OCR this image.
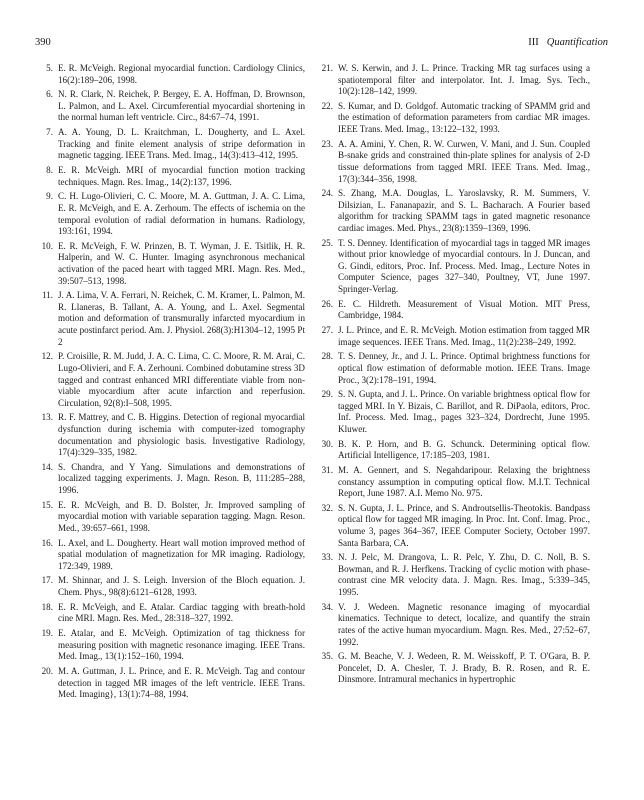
390	III Quantification
5. E. R. McVeigh. Regional myocardial function. Cardiology Clinics, 16(2):189–206, 1998.
6. N. R. Clark, N. Reichek, P. Bergey, E. A. Hoffman, D. Brownson, L. Palmon, and L. Axel. Circumferential myocardial shortening in the normal human left ventricle. Circ., 84:67–74, 1991.
7. A. A. Young, D. L. Kraitchman, L. Dougherty, and L. Axel. Tracking and finite element analysis of stripe deformation in magnetic tagging. IEEE Trans. Med. Imag., 14(3):413–412, 1995.
8. E. R. McVeigh. MRI of myocardial function motion tracking techniques. Magn. Res. Imag., 14(2):137, 1996.
9. C. H. Lugo-Olivieri, C. C. Moore, M. A. Guttman, J. A. C. Lima, E. R. McVeigh, and E. A. Zerhoum. The effects of ischemia on the temporal evolution of radial deformation in humans. Radiology, 193:161, 1994.
10. E. R. McVeigh, F. W. Prinzen, B. T. Wyman, J. E. Tsitlik, H. R. Halperin, and W. C. Hunter. Imaging asynchronous mechanical activation of the paced heart with tagged MRI. Magn. Res. Med., 39:507–513, 1998.
11. J. A. Lima, V. A. Ferrari, N. Reichek, C. M. Kramer, L. Palmon, M. R. Llaneras, B. Tallant, A. A. Young, and L. Axel. Segmental motion and deformation of transmurally infarcted myocardium in acute postinfarct period. Am. J. Physiol. 268(3):H1304–12, 1995 Pt 2
12. P. Croisille, R. M. Judd, J. A. C. Lima, C. C. Moore, R. M. Arai, C. Lugo-Olivieri, and F. A. Zerhouni. Combined dobutamine stress 3D tagged and contrast enhanced MRI differentiate viable from non-viable myocardium after acute infarction and reperfusion. Circulation, 92(8):I–508, 1995.
13. R. F. Mattrey, and C. B. Higgins. Detection of regional myocardial dysfunction during ischemia with computer-ized tomography documentation and physiologic basis. Investigative Radiology, 17(4):329–335, 1982.
14. S. Chandra, and Y Yang. Simulations and demonstrations of localized tagging experiments. J. Magn. Reson. B, 111:285–288, 1996.
15. E. R. McVeigh, and B. D. Bolster, Jr. Improved sampling of myocardial motion with variable separation tagging. Magn. Reson. Med., 39:657–661, 1998.
16. L. Axel, and L. Dougherty. Heart wall motion improved method of spatial modulation of magnetization for MR imaging. Radiology, 172:349, 1989.
17. M. Shinnar, and J. S. Leigh. Inversion of the Bloch equation. J. Chem. Phys., 98(8):6121–6128, 1993.
18. E. R. McVeigh, and E. Atalar. Cardiac tagging with breath-hold cine MRI. Magn. Res. Med., 28:318–327, 1992.
19. E. Atalar, and E. McVeigh. Optimization of tag thickness for measuring position with magnetic resonance imaging. IEEE Trans. Med. Imag., 13(1):152–160, 1994.
20. M. A. Guttman, J. L. Prince, and E. R. McVeigh. Tag and contour detection in tagged MR images of the left ventricle. IEEE Trans. Med. Imaging}, 13(1):74–88, 1994.
21. W. S. Kerwin, and J. L. Prince. Tracking MR tag surfaces using a spatiotemporal filter and interpolator. Int. J. Imag. Sys. Tech., 10(2):128–142, 1999.
22. S. Kumar, and D. Goldgof. Automatic tracking of SPAMM grid and the estimation of deformation parameters from cardiac MR images. IEEE Trans. Med. Imag., 13:122–132, 1993.
23. A. A. Amini, Y. Chen, R. W. Curwen, V. Mani, and J. Sun. Coupled B-snake grids and constrained thin-plate splines for analysis of 2-D tissue deformations from tagged MRI. IEEE Trans. Med. Imag., 17(3):344–356, 1998.
24. S. Zhang, M.A. Douglas, L. Yaroslavsky, R. M. Summers, V. Dilsizian, L. Fananapazir, and S. L. Bacharach. A Fourier based algorithm for tracking SPAMM tags in gated magnetic resonance cardiac images. Med. Phys., 23(8):1359–1369, 1996.
25. T. S. Denney. Identification of myocardial tags in tagged MR images without prior knowledge of myocardial contours. In J. Duncan, and G. Gindi, editors, Proc. Inf. Process. Med. Imag., Lecture Notes in Computer Science, pages 327–340, Poultney, VT, June 1997. Springer-Verlag.
26. E. C. Hildreth. Measurement of Visual Motion. MIT Press, Cambridge, 1984.
27. J. L. Prince, and E. R. McVeigh. Motion estimation from tagged MR image sequences. IEEE Trans. Med. Imag., 11(2):238–249, 1992.
28. T. S. Denney, Jr., and J. L. Prince. Optimal brightness functions for optical flow estimation of deformable motion. IEEE Trans. Image Proc., 3(2):178–191, 1994.
29. S. N. Gupta, and J. L. Prince. On variable brightness optical flow for tagged MRI. In Y. Bizais, C. Barillot, and R. DiPaola, editors, Proc. Inf. Process. Med. Imag., pages 323–324, Dordrecht, June 1995. Kluwer.
30. B. K. P. Horn, and B. G. Schunck. Determining optical flow. Artificial Intelligence, 17:185–203, 1981.
31. M. A. Gennert, and S. Negahdaripour. Relaxing the brightness constancy assumption in computing optical flow. M.I.T. Technical Report, June 1987. A.I. Memo No. 975.
32. S. N. Gupta, J. L. Prince, and S. Androutsellis-Theotokis. Bandpass optical flow for tagged MR imaging. In Proc. Int. Conf. Imag. Proc., volume 3, pages 364–367, IEEE Computer Society, October 1997. Santa Barbara, CA.
33. N. J. Pelc, M. Drangova, L. R. Pelc, Y. Zhu, D. C. Noll, B. S. Bowman, and R. J. Herfkens. Tracking of cyclic motion with phase-contrast cine MR velocity data. J. Magn. Res. Imag., 5:339–345, 1995.
34. V. J. Wedeen. Magnetic resonance imaging of myocardial kinematics. Technique to detect, localize, and quantify the strain rates of the active human myocardium. Magn. Res. Med., 27:52–67, 1992.
35. G. M. Beache, V. J. Wedeen, R. M. Weisskoff, P. T. O'Gara, B. P. Poncelet, D. A. Chesler, T. J. Brady, B. R. Rosen, and R. E. Dinsmore. Intramural mechanics in hypertrophic
